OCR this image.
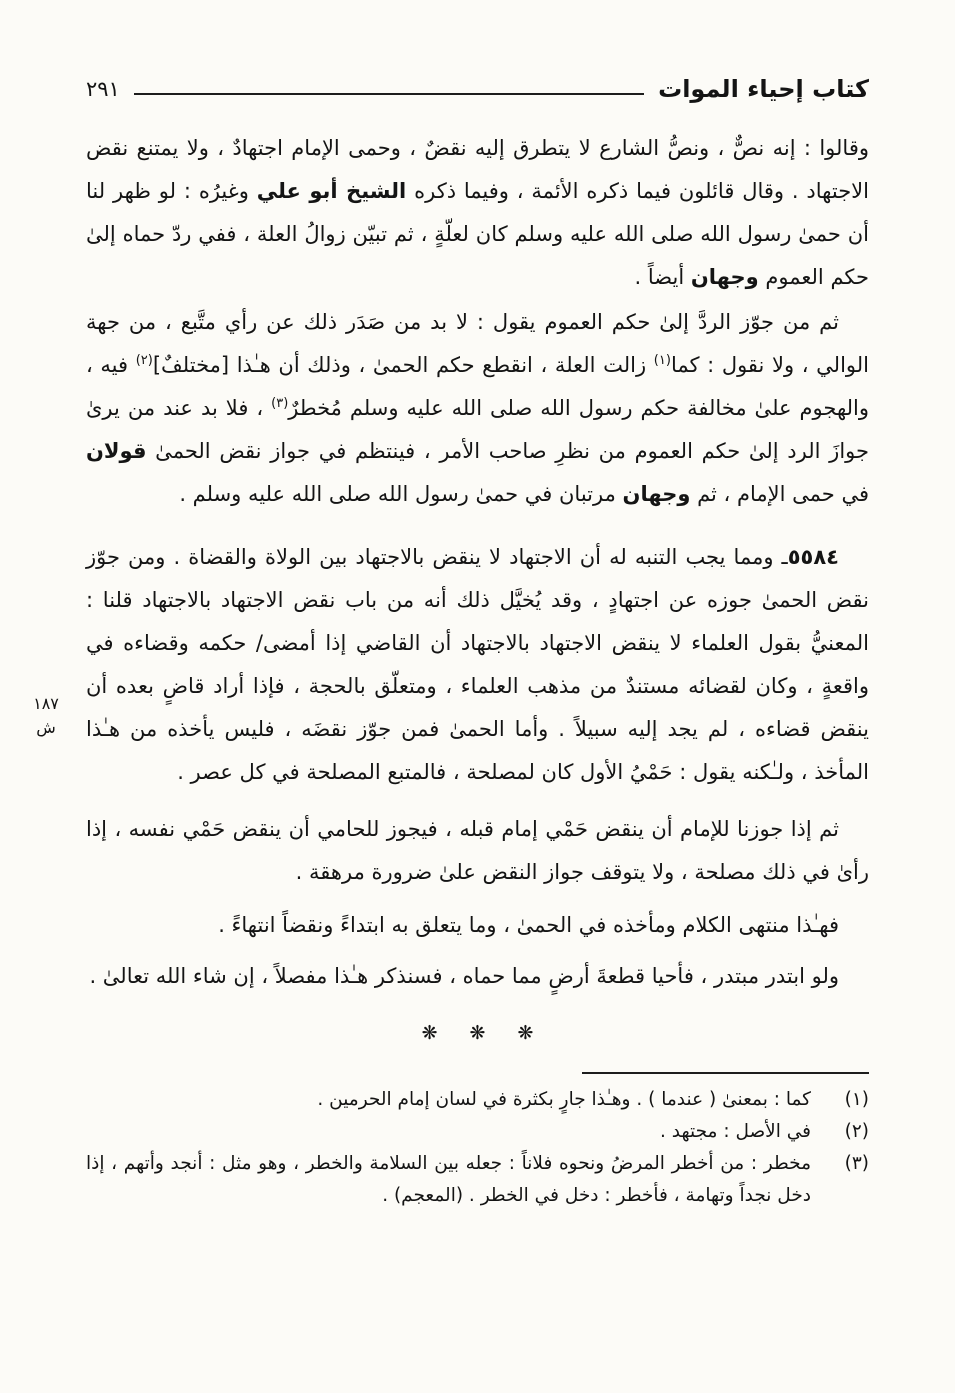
كتاب إحياء الموات
٢٩١

وقالوا : إنه نصٌّ ، ونصُّ الشارع لا يتطرق إليه نقضٌ ، وحمى الإمام اجتهادٌ ، ولا يمتنع نقض الاجتهاد . وقال قائلون فيما ذكره الأئمة ، وفيما ذكره الشيخ أبو علي وغيرُه : لو ظهر لنا أن حمىٰ رسول الله صلى الله عليه وسلم كان لعلّةٍ ، ثم تبيّن زوالُ العلة ، ففي ردّ حماه إلىٰ حكم العموم وجهان أيضاً .

ثم من جوّز الردَّ إلىٰ حكم العموم يقول : لا بد من صَدَر ذلك عن رأي متَّبع ، من جهة الوالي ، ولا نقول : كما$^{(١)}$ زالت العلة ، انقطع حكم الحمىٰ ، وذلك أن هـٰذا [مختلفٌ]$^{(٢)}$ فيه ، والهجوم علىٰ مخالفة حكم رسول الله صلى الله عليه وسلم مُخطرٌ$^{(٣)}$ ، فلا بد عند من يرىٰ جوازَ الرد إلىٰ حكم العموم من نظرِ صاحب الأمر ، فينتظم في جواز نقض الحمىٰ قولان في حمى الإمام ، ثم وجهان مرتبان في حمىٰ رسول الله صلى الله عليه وسلم .

٥٥٨٤ـ ومما يجب التنبه له أن الاجتهاد لا ينقض بالاجتهاد بين الولاة والقضاة . ومن جوّز نقض الحمىٰ جوزه عن اجتهادٍ ، وقد يُخيَّل ذلك أنه من باب نقض الاجتهاد بالاجتهاد قلنا : المعنيُّ بقول العلماء لا ينقض الاجتهاد بالاجتهاد أن القاضي إذا أمضى/ حكمه وقضاءه في واقعةٍ ، وكان لقضائه مستندٌ من مذهب العلماء ، ومتعلّق بالحجة ، فإذا أراد قاضٍ بعده أن ينقض قضاءه ، لم يجد إليه سبيلاً . وأما الحمىٰ فمن جوّز نقضَه ، فليس يأخذه من هـٰذا المأخذ ، ولـٰكنه يقول : حَمْيُ الأول كان لمصلحة ، فالمتبع المصلحة في كل عصر .

ثم إذا جوزنا للإمام أن ينقض حَمْي إمام قبله ، فيجوز للحامي أن ينقض حَمْي نفسه ، إذا رأىٰ في ذلك مصلحة ، ولا يتوقف جواز النقض علىٰ ضرورة مرهقة .

فهـٰذا منتهى الكلام ومأخذه في الحمىٰ ، وما يتعلق به ابتداءً ونقضاً انتهاءً .

ولو ابتدر مبتدر ، فأحيا قطعةَ أرضٍ مما حماه ، فسنذكر هـٰذا مفصلاً ، إن شاء الله تعالىٰ .

❋ ❋ ❋
١٨٧
ش
(١)
كما : بمعنىٰ ( عندما ) . وهـٰذا جارٍ بكثرة في لسان إمام الحرمين .
(٢)
في الأصل : مجتهد .
(٣)
مخطر : من أخطر المرضُ ونحوه فلاناً : جعله بين السلامة والخطر ، وهو مثل : أنجد وأتهم ، إذا دخل نجداً وتهامة ، فأخطر : دخل في الخطر . (المعجم) .
